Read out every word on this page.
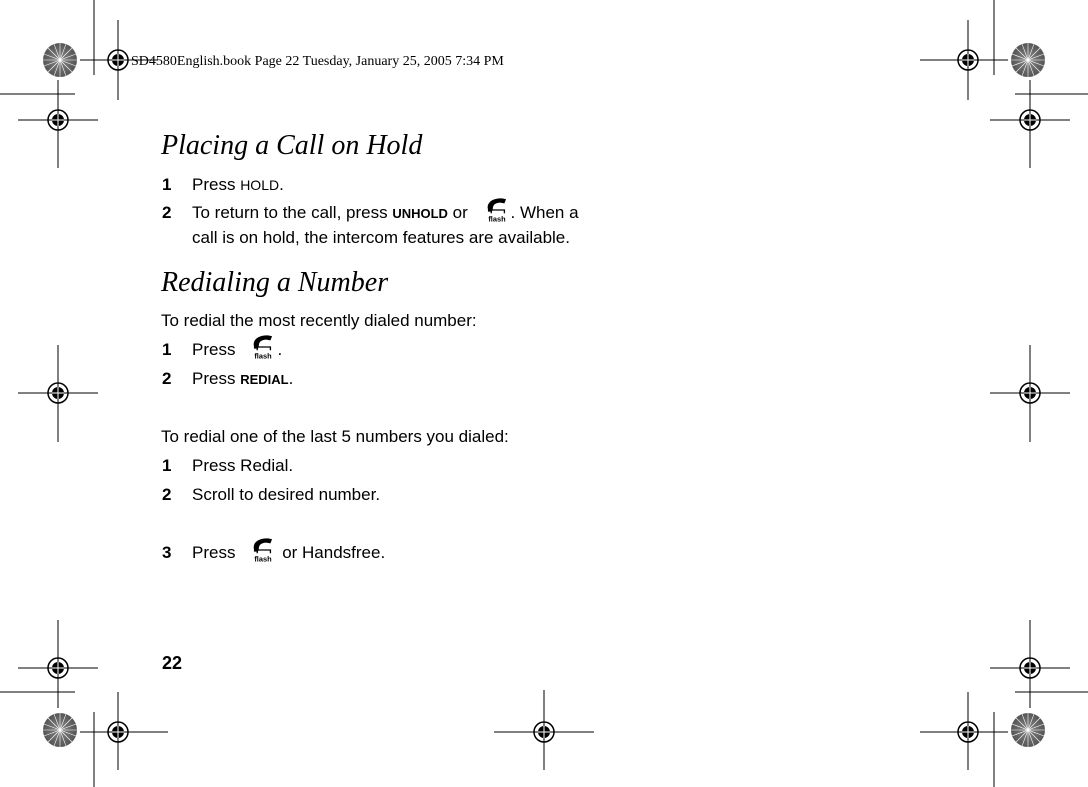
SD4580English.book Page 22 Tuesday, January 25, 2005 7:34 PM
Placing a Call on Hold
1 Press HOLD.
2 To return to the call, press UNHOLD or flash . When a
call is on hold, the intercom features are available.
Redialing a Number
To redial the most recently dialed number:
1 Press flash .
2 Press REDIAL.
To redial one of the last 5 numbers you dialed:
1 Press Redial.
2 Scroll to desired number.
3 Press flash or Handsfree.
22
